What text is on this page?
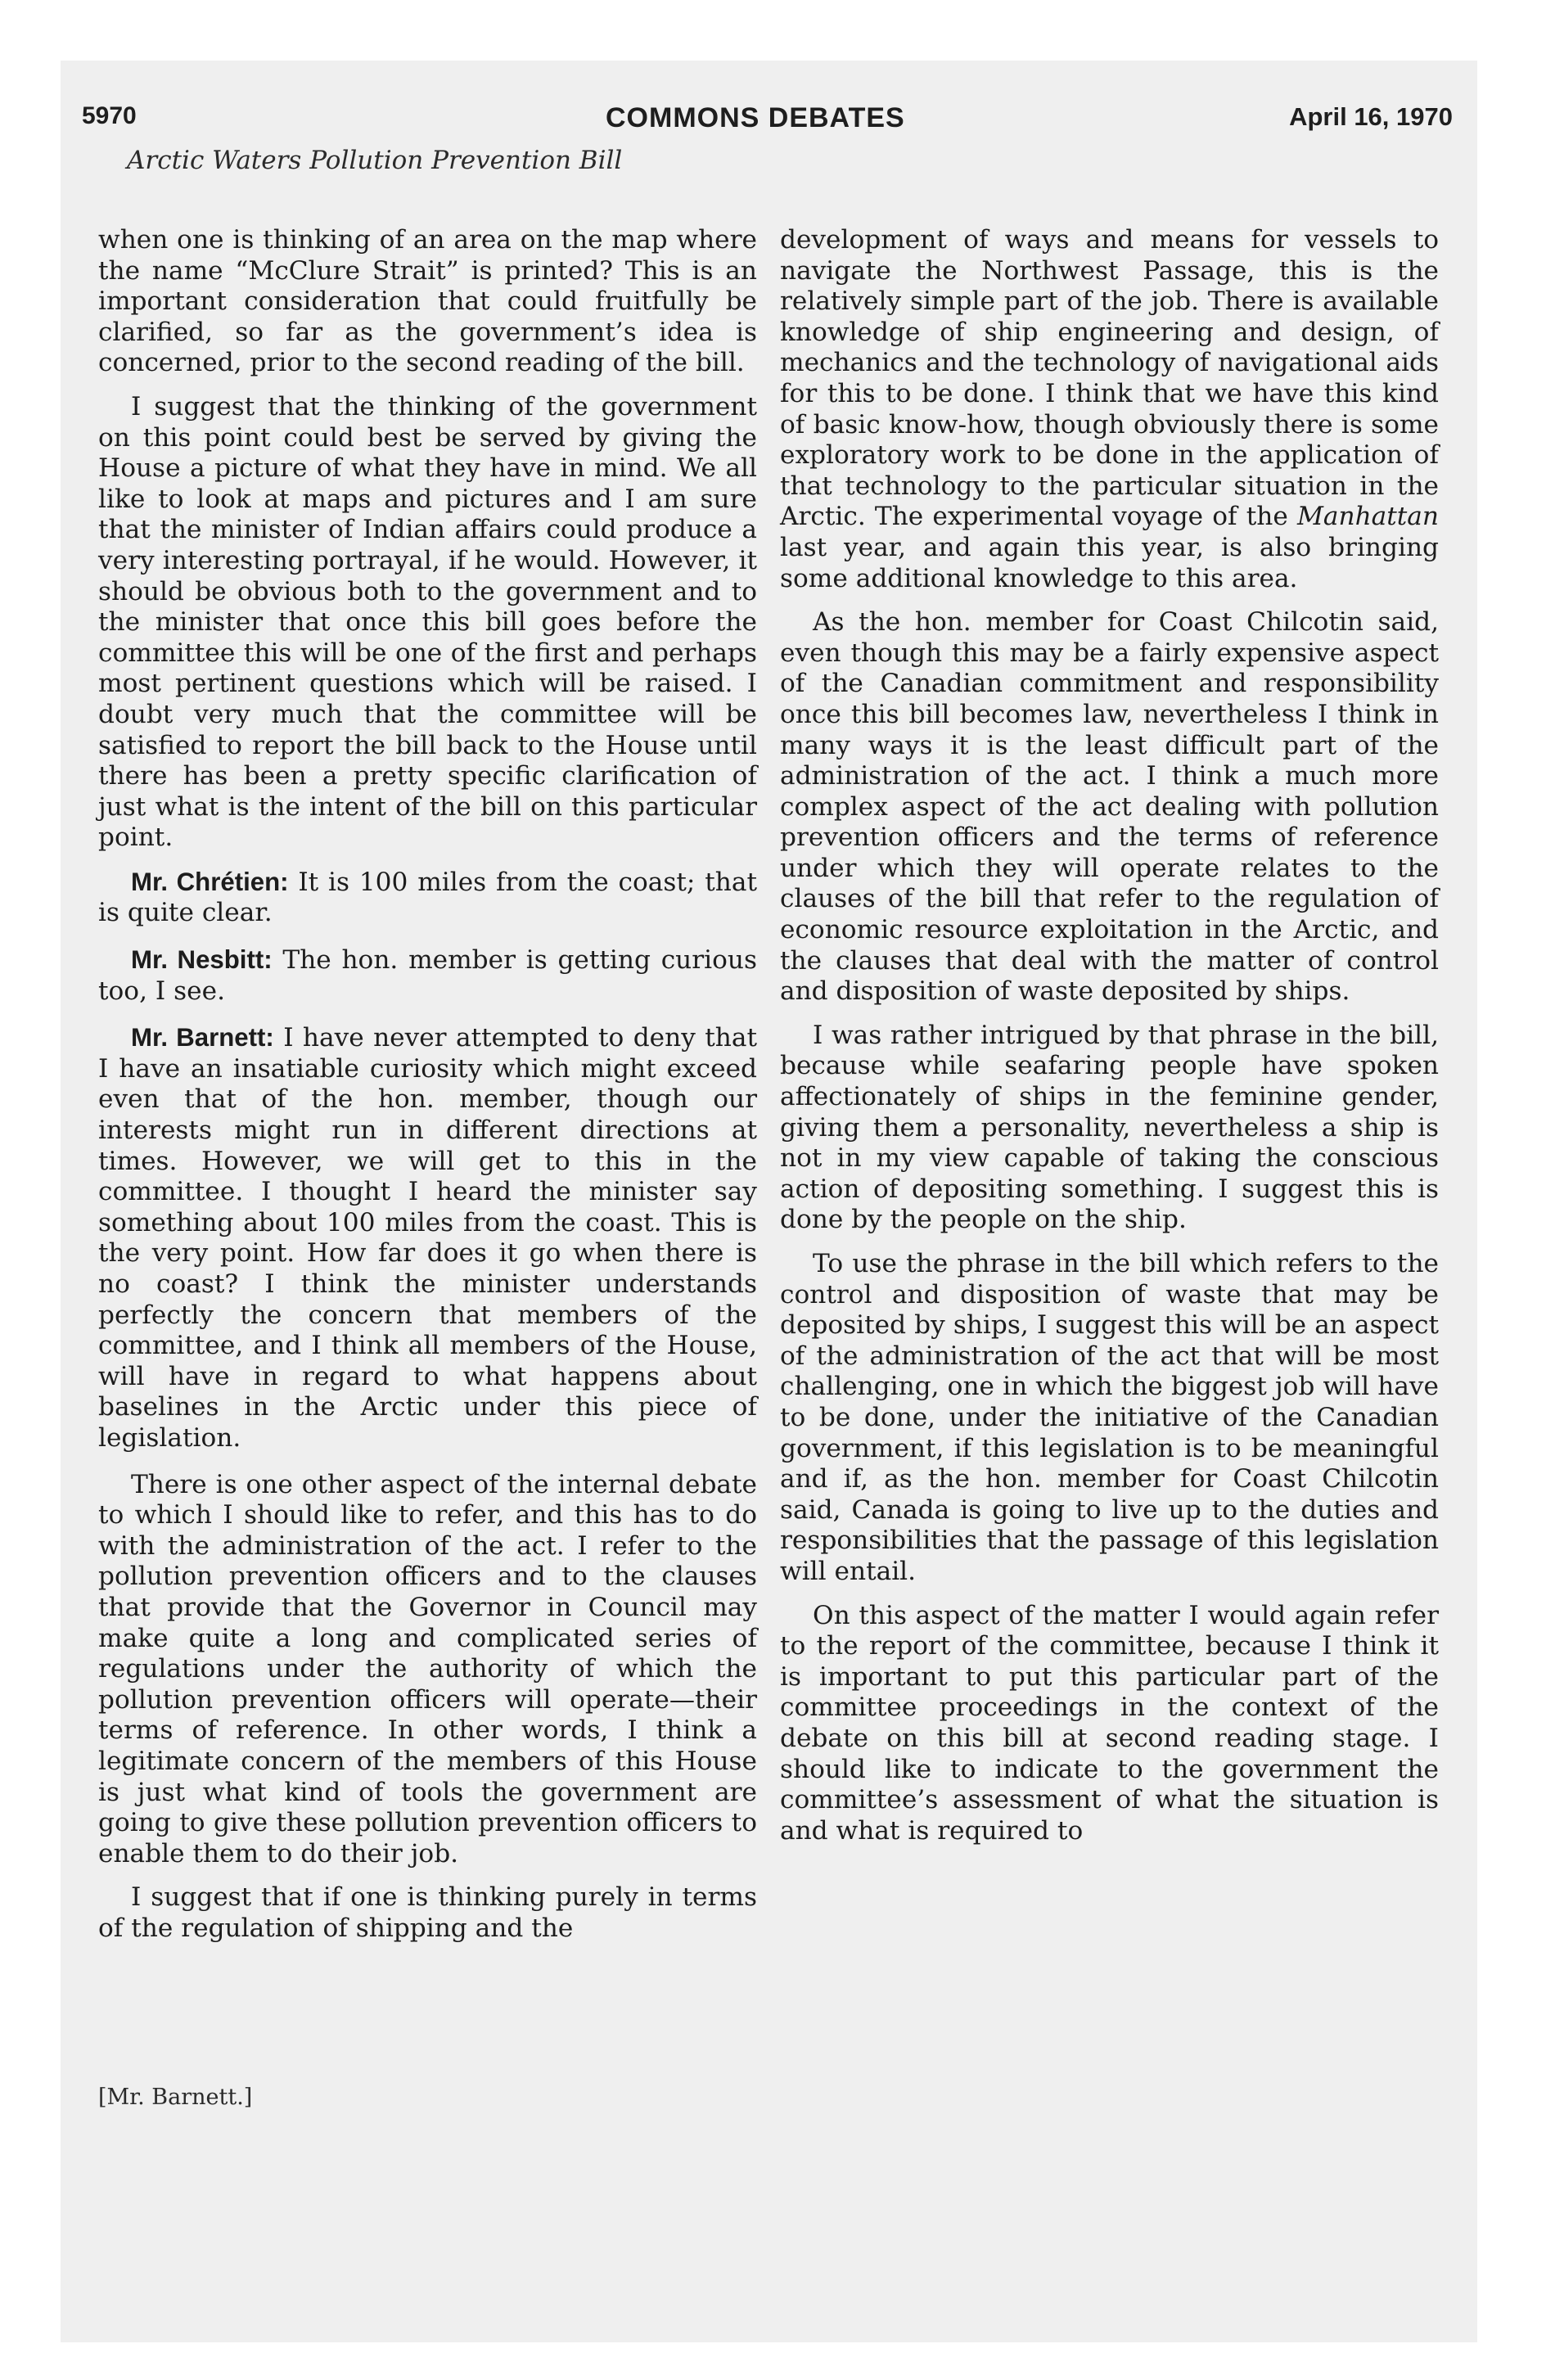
5970	COMMONS DEBATES	April 16, 1970
Arctic Waters Pollution Prevention Bill

when one is thinking of an area on the map where the name “McClure Strait” is printed? This is an important consideration that could fruitfully be clarified, so far as the government’s idea is concerned, prior to the second reading of the bill.

I suggest that the thinking of the government on this point could best be served by giving the House a picture of what they have in mind. We all like to look at maps and pictures and I am sure that the minister of Indian affairs could produce a very interesting portrayal, if he would. However, it should be obvious both to the government and to the minister that once this bill goes before the committee this will be one of the first and perhaps most pertinent questions which will be raised. I doubt very much that the committee will be satisfied to report the bill back to the House until there has been a pretty specific clarification of just what is the intent of the bill on this particular point.

Mr. Chrétien: It is 100 miles from the coast; that is quite clear.

Mr. Nesbitt: The hon. member is getting curious too, I see.

Mr. Barnett: I have never attempted to deny that I have an insatiable curiosity which might exceed even that of the hon. member, though our interests might run in different directions at times. However, we will get to this in the committee. I thought I heard the minister say something about 100 miles from the coast. This is the very point. How far does it go when there is no coast? I think the minister understands perfectly the concern that members of the committee, and I think all members of the House, will have in regard to what happens about baselines in the Arctic under this piece of legislation.

There is one other aspect of the internal debate to which I should like to refer, and this has to do with the administration of the act. I refer to the pollution prevention officers and to the clauses that provide that the Governor in Council may make quite a long and complicated series of regulations under the authority of which the pollution prevention officers will operate—their terms of reference. In other words, I think a legitimate concern of the members of this House is just what kind of tools the government are going to give these pollution prevention officers to enable them to do their job.

I suggest that if one is thinking purely in terms of the regulation of shipping and the

[Mr. Barnett.]

development of ways and means for vessels to navigate the Northwest Passage, this is the relatively simple part of the job. There is available knowledge of ship engineering and design, of mechanics and the technology of navigational aids for this to be done. I think that we have this kind of basic know-how, though obviously there is some exploratory work to be done in the application of that technology to the particular situation in the Arctic. The experimental voyage of the Manhattan last year, and again this year, is also bringing some additional knowledge to this area.

As the hon. member for Coast Chilcotin said, even though this may be a fairly expensive aspect of the Canadian commitment and responsibility once this bill becomes law, nevertheless I think in many ways it is the least difficult part of the administration of the act. I think a much more complex aspect of the act dealing with pollution prevention officers and the terms of reference under which they will operate relates to the clauses of the bill that refer to the regulation of economic resource exploitation in the Arctic, and the clauses that deal with the matter of control and disposition of waste deposited by ships.

I was rather intrigued by that phrase in the bill, because while seafaring people have spoken affectionately of ships in the feminine gender, giving them a personality, nevertheless a ship is not in my view capable of taking the conscious action of depositing something. I suggest this is done by the people on the ship.

To use the phrase in the bill which refers to the control and disposition of waste that may be deposited by ships, I suggest this will be an aspect of the administration of the act that will be most challenging, one in which the biggest job will have to be done, under the initiative of the Canadian government, if this legislation is to be meaningful and if, as the hon. member for Coast Chilcotin said, Canada is going to live up to the duties and responsibilities that the passage of this legislation will entail.

On this aspect of the matter I would again refer to the report of the committee, because I think it is important to put this particular part of the committee proceedings in the context of the debate on this bill at second reading stage. I should like to indicate to the government the committee’s assessment of what the situation is and what is required to
